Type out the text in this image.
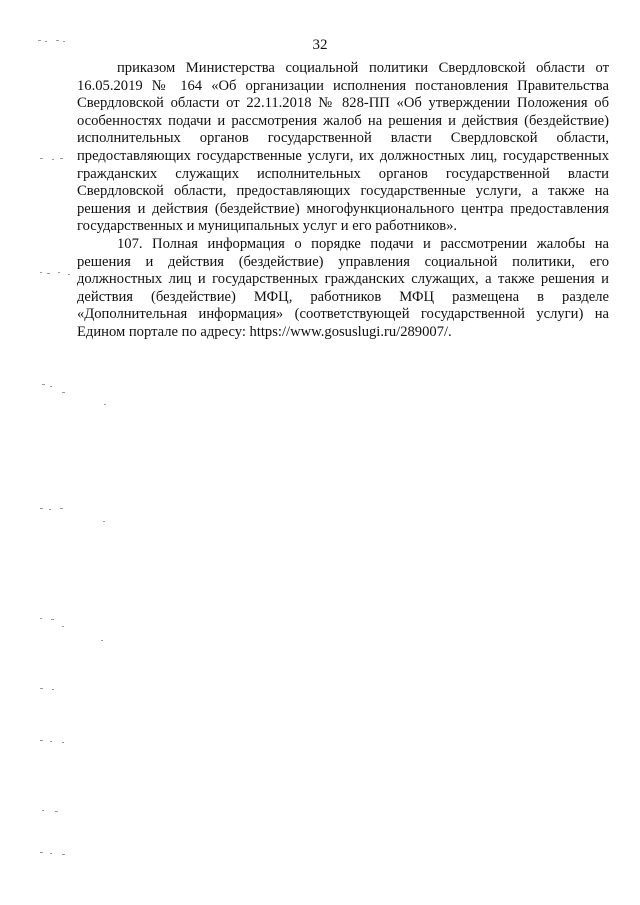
32

приказом Министерства социальной политики Свердловской области от 16.05.2019 № 164 «Об организации исполнения постановления Правительства Свердловской области от 22.11.2018 № 828-ПП «Об утверждении Положения об особенностях подачи и рассмотрения жалоб на решения и действия (бездействие) исполнительных органов государственной власти Свердловской области, предоставляющих государственные услуги, их должностных лиц, государственных гражданских служащих исполнительных органов государственной власти Свердловской области, предоставляющих государственные услуги, а также на решения и действия (бездействие) многофункционального центра предоставления государственных и муниципальных услуг и его работников».

107. Полная информация о порядке подачи и рассмотрении жалобы на решения и действия (бездействие) управления социальной политики, его должностных лиц и государственных гражданских служащих, а также решения и действия (бездействие) МФЦ, работников МФЦ размещена в разделе «Дополнительная информация» (соответствующей государственной услуги) на Едином портале по адресу: https://www.gosuslugi.ru/289007/.
